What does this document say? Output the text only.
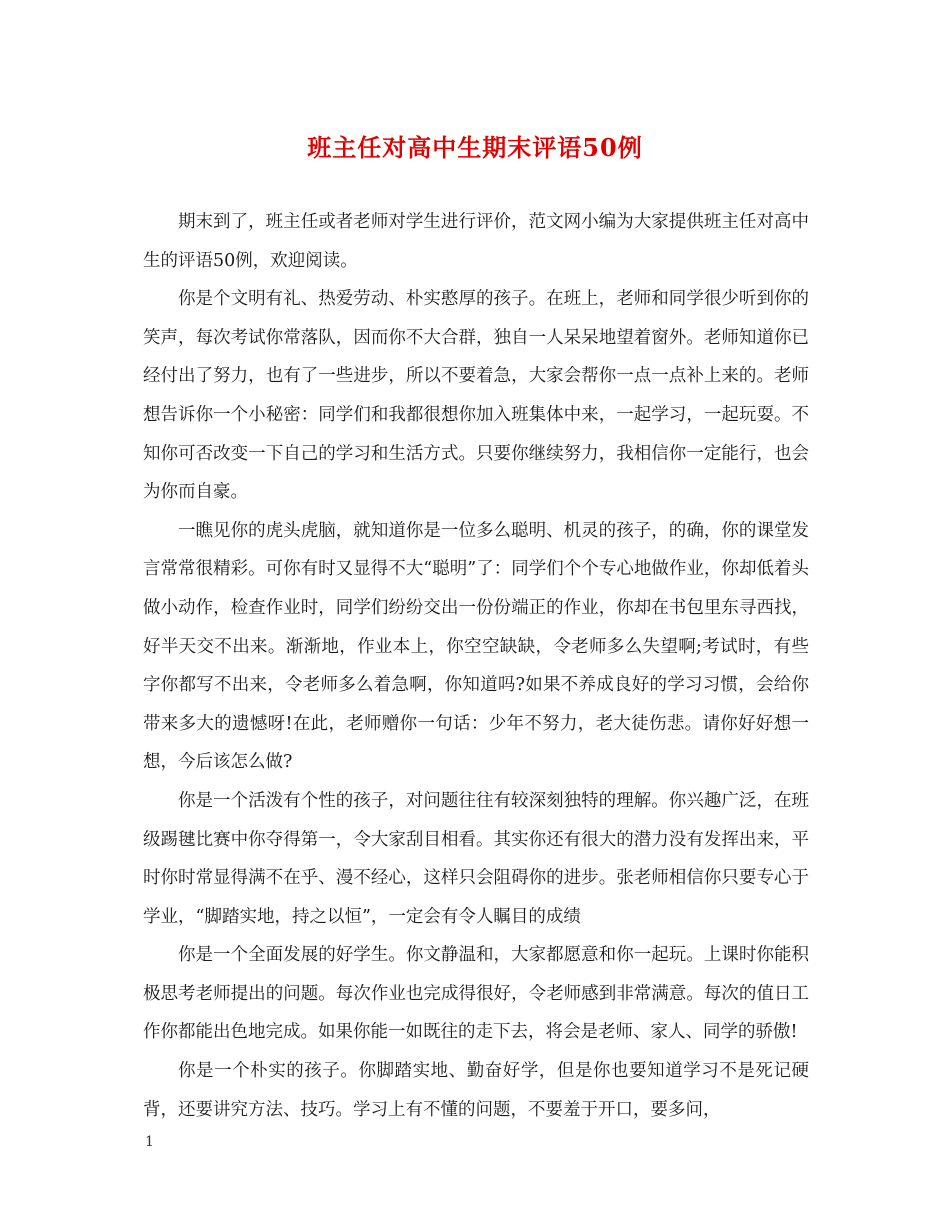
班主任对高中生期末评语50例

期末到了，班主任或者老师对学生进行评价，范文网小编为大家提供班主任对高中生的评语50例，欢迎阅读。

你是个文明有礼、热爱劳动、朴实憨厚的孩子。在班上，老师和同学很少听到你的笑声，每次考试你常落队，因而你不大合群，独自一人呆呆地望着窗外。老师知道你已经付出了努力，也有了一些进步，所以不要着急，大家会帮你一点一点补上来的。老师想告诉你一个小秘密：同学们和我都很想你加入班集体中来，一起学习，一起玩耍。不知你可否改变一下自己的学习和生活方式。只要你继续努力，我相信你一定能行，也会为你而自豪。

一瞧见你的虎头虎脑，就知道你是一位多么聪明、机灵的孩子，的确，你的课堂发言常常很精彩。可你有时又显得不大“聪明”了：同学们个个专心地做作业，你却低着头做小动作，检查作业时，同学们纷纷交出一份份端正的作业，你却在书包里东寻西找，好半天交不出来。渐渐地，作业本上，你空空缺缺，令老师多么失望啊;考试时，有些字你都写不出来，令老师多么着急啊，你知道吗?如果不养成良好的学习习惯，会给你带来多大的遗憾呀!在此，老师赠你一句话：少年不努力，老大徒伤悲。请你好好想一想，今后该怎么做?

你是一个活泼有个性的孩子，对问题往往有较深刻独特的理解。你兴趣广泛，在班级踢毽比赛中你夺得第一，令大家刮目相看。其实你还有很大的潜力没有发挥出来，平时你时常显得满不在乎、漫不经心，这样只会阻碍你的进步。张老师相信你只要专心于学业，“脚踏实地，持之以恒”，一定会有令人瞩目的成绩

你是一个全面发展的好学生。你文静温和，大家都愿意和你一起玩。上课时你能积极思考老师提出的问题。每次作业也完成得很好，令老师感到非常满意。每次的值日工作你都能出色地完成。如果你能一如既往的走下去，将会是老师、家人、同学的骄傲!

你是一个朴实的孩子。你脚踏实地、勤奋好学，但是你也要知道学习不是死记硬背，还要讲究方法、技巧。学习上有不懂的问题，不要羞于开口，要多问，

1
